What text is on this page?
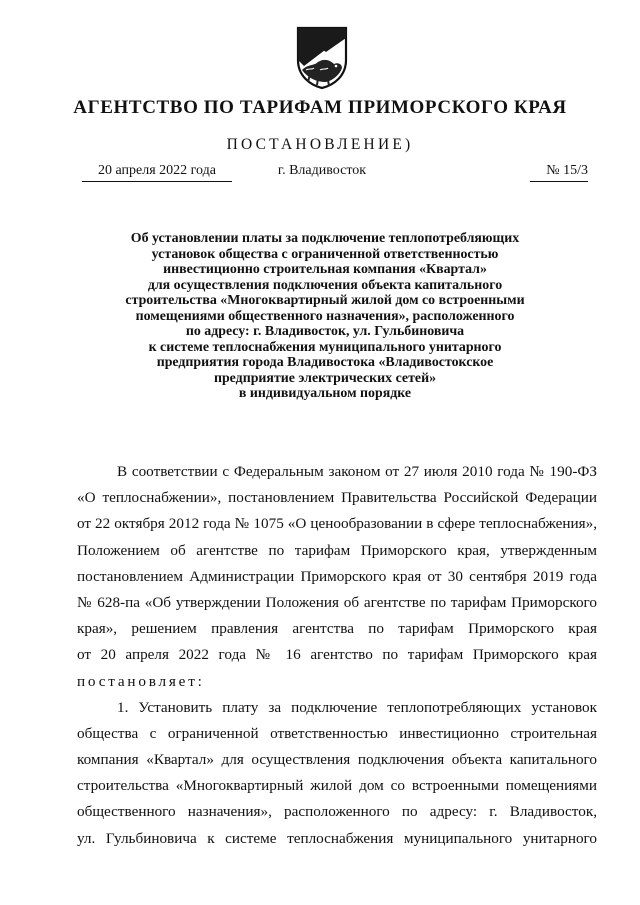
АГЕНТСТВО ПО ТАРИФАМ ПРИМОРСКОГО КРАЯ
ПОСТАНОВЛЕНИЕ)
20 апреля 2022 года	г. Владивосток	№ 15/3
Об установлении платы за подключение теплопотребляющих
установок общества с ограниченной ответственностью
инвестиционно строительная компания «Квартал»
для осуществления подключения объекта капитального
строительства «Многоквартирный жилой дом со встроенными
помещениями общественного назначения», расположенного
по адресу: г. Владивосток, ул. Гульбиновича
к системе теплоснабжения муниципального унитарного
предприятия города Владивостока «Владивостокское
предприятие электрических сетей»
в индивидуальном порядке
В соответствии с Федеральным законом от 27 июля 2010 года № 190-ФЗ
«О теплоснабжении», постановлением Правительства Российской Федерации
от 22 октября 2012 года № 1075 «О ценообразовании в сфере теплоснабжения»,
Положением об агентстве по тарифам Приморского края, утвержденным
постановлением Администрации Приморского края от 30 сентября 2019 года
№ 628-па «Об утверждении Положения об агентстве по тарифам Приморского
края», решением правления агентства по тарифам Приморского края
от 20 апреля 2022 года № 16 агентство по тарифам Приморского края
постановляет:
1. Установить плату за подключение теплопотребляющих установок
общества с ограниченной ответственностью инвестиционно строительная
компания «Квартал» для осуществления подключения объекта капитального
строительства «Многоквартирный жилой дом со встроенными помещениями
общественного назначения», расположенного по адресу: г. Владивосток,
ул. Гульбиновича к системе теплоснабжения муниципального унитарного
